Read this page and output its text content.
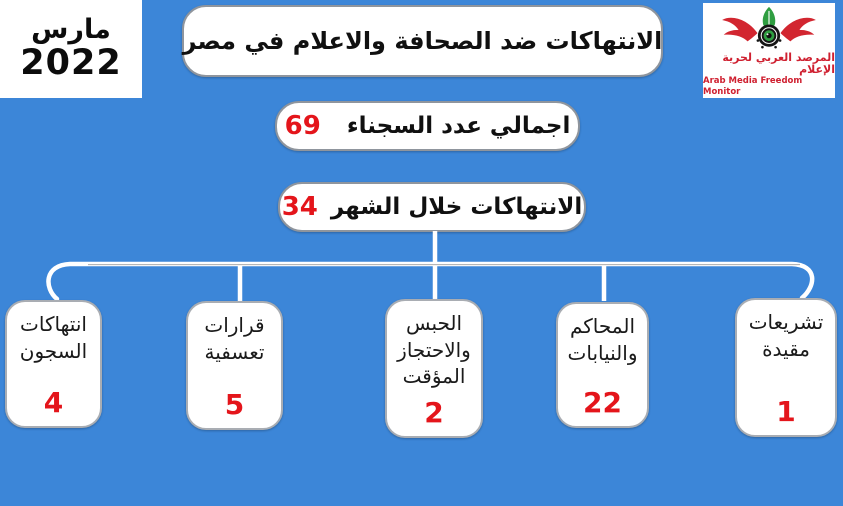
مارس
2022
الانتهاكات ضد الصحافة والاعلام في مصر
المرصد العربي لحرية الإعلام
Arab Media Freedom Monitor
اجمالي عدد السجناء
69
الانتهاكات خلال الشهر
34
انتهاكات
السجون
4
قرارات
تعسفية
5
الحبس
والاحتجاز
المؤقت
2
المحاكم
والنيابات
22
تشريعات
مقيدة
1
